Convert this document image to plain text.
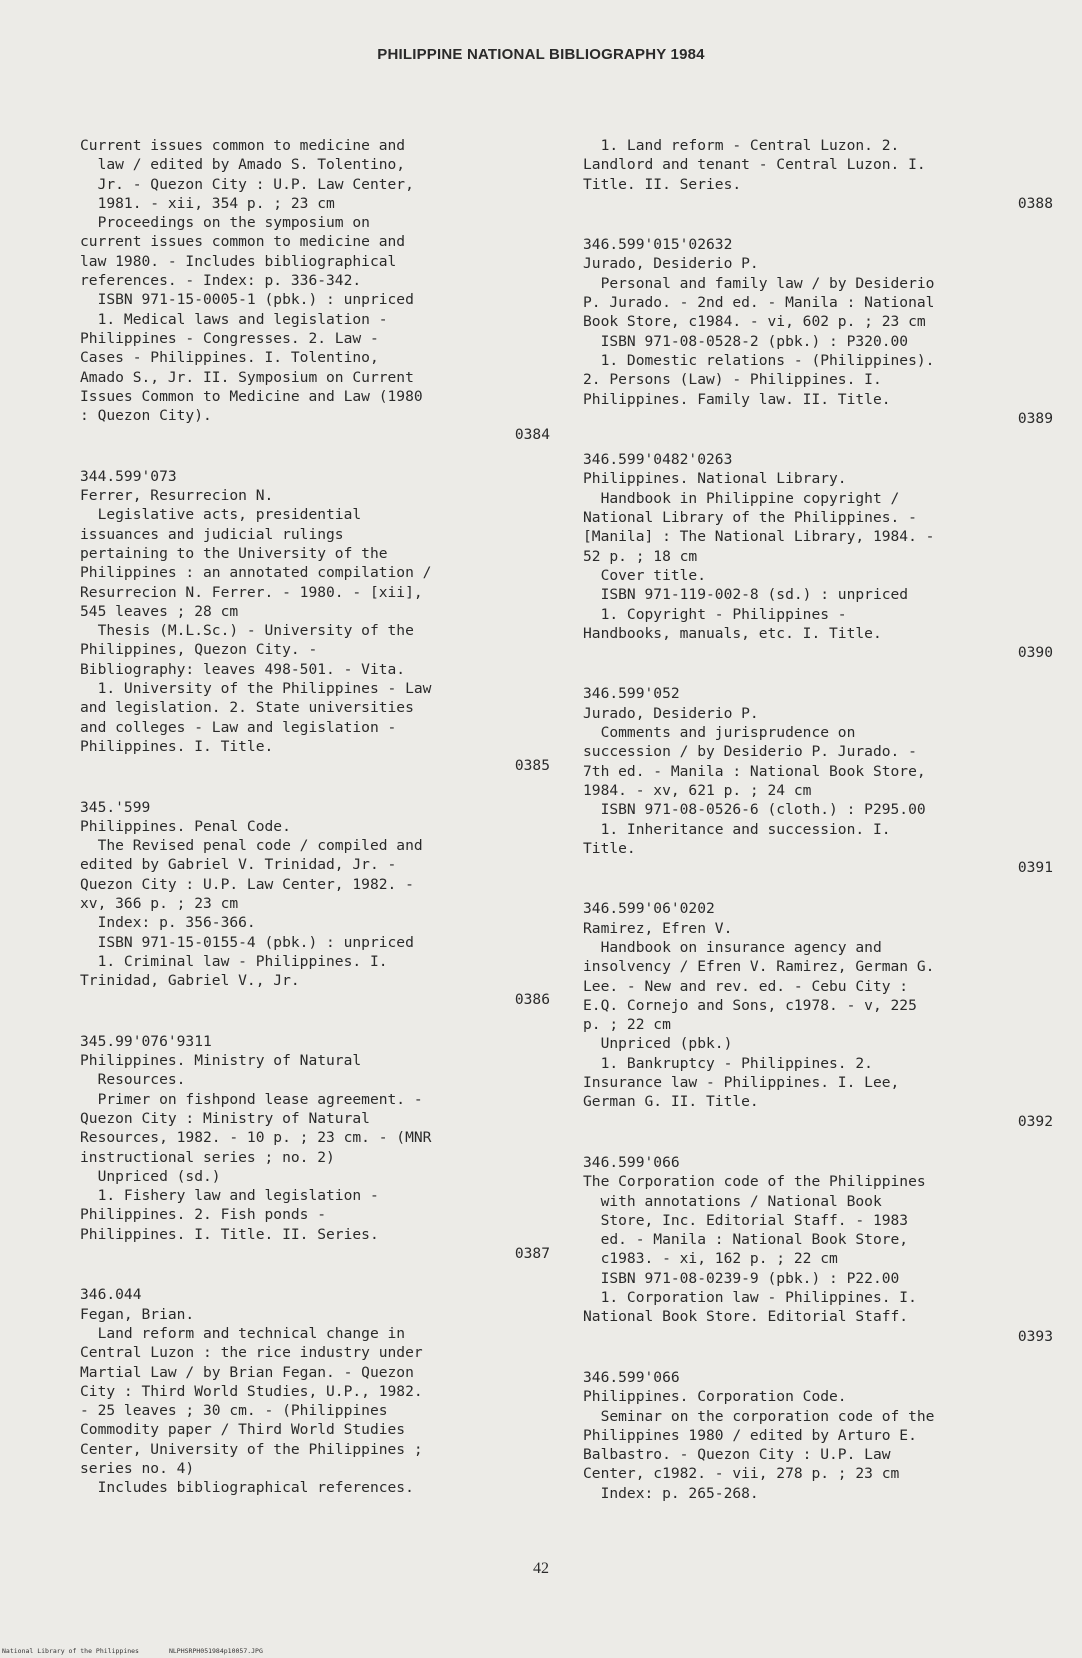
PHILIPPINE NATIONAL BIBLIOGRAPHY 1984
Current issues common to medicine and
law / edited by Amado S. Tolentino,
Jr. - Quezon City : U.P. Law Center,
1981. - xii, 354 p. ; 23 cm
Proceedings on the symposium on
current issues common to medicine and
law 1980. - Includes bibliographical
references. - Index: p. 336-342.
ISBN 971-15-0005-1 (pbk.) : unpriced
1. Medical laws and legislation -
Philippines - Congresses. 2. Law -
Cases - Philippines. I. Tolentino,
Amado S., Jr. II. Symposium on Current
Issues Common to Medicine and Law (1980
: Quezon City).
0384
344.599'073
Ferrer, Resurrecion N.
Legislative acts, presidential
issuances and judicial rulings
pertaining to the University of the
Philippines : an annotated compilation /
Resurrecion N. Ferrer. - 1980. - [xii],
545 leaves ; 28 cm
Thesis (M.L.Sc.) - University of the
Philippines, Quezon City. -
Bibliography: leaves 498-501. - Vita.
1. University of the Philippines - Law
and legislation. 2. State universities
and colleges - Law and legislation -
Philippines. I. Title.
0385
345.'599
Philippines. Penal Code.
The Revised penal code / compiled and
edited by Gabriel V. Trinidad, Jr. -
Quezon City : U.P. Law Center, 1982. -
xv, 366 p. ; 23 cm
Index: p. 356-366.
ISBN 971-15-0155-4 (pbk.) : unpriced
1. Criminal law - Philippines. I.
Trinidad, Gabriel V., Jr.
0386
345.99'076'9311
Philippines. Ministry of Natural
Resources.
Primer on fishpond lease agreement. -
Quezon City : Ministry of Natural
Resources, 1982. - 10 p. ; 23 cm. - (MNR
instructional series ; no. 2)
Unpriced (sd.)
1. Fishery law and legislation -
Philippines. 2. Fish ponds -
Philippines. I. Title. II. Series.
0387
346.044
Fegan, Brian.
Land reform and technical change in
Central Luzon : the rice industry under
Martial Law / by Brian Fegan. - Quezon
City : Third World Studies, U.P., 1982.
- 25 leaves ; 30 cm. - (Philippines
Commodity paper / Third World Studies
Center, University of the Philippines ;
series no. 4)
Includes bibliographical references.
1. Land reform - Central Luzon. 2.
Landlord and tenant - Central Luzon. I.
Title. II. Series.
0388
346.599'015'02632
Jurado, Desiderio P.
Personal and family law / by Desiderio
P. Jurado. - 2nd ed. - Manila : National
Book Store, c1984. - vi, 602 p. ; 23 cm
ISBN 971-08-0528-2 (pbk.) : P320.00
1. Domestic relations - (Philippines).
2. Persons (Law) - Philippines. I.
Philippines. Family law. II. Title.
0389
346.599'0482'0263
Philippines. National Library.
Handbook in Philippine copyright /
National Library of the Philippines. -
[Manila] : The National Library, 1984. -
52 p. ; 18 cm
Cover title.
ISBN 971-119-002-8 (sd.) : unpriced
1. Copyright - Philippines -
Handbooks, manuals, etc. I. Title.
0390
346.599'052
Jurado, Desiderio P.
Comments and jurisprudence on
succession / by Desiderio P. Jurado. -
7th ed. - Manila : National Book Store,
1984. - xv, 621 p. ; 24 cm
ISBN 971-08-0526-6 (cloth.) : P295.00
1. Inheritance and succession. I.
Title.
0391
346.599'06'0202
Ramirez, Efren V.
Handbook on insurance agency and
insolvency / Efren V. Ramirez, German G.
Lee. - New and rev. ed. - Cebu City :
E.Q. Cornejo and Sons, c1978. - v, 225
p. ; 22 cm
Unpriced (pbk.)
1. Bankruptcy - Philippines. 2.
Insurance law - Philippines. I. Lee,
German G. II. Title.
0392
346.599'066
The Corporation code of the Philippines
with annotations / National Book
Store, Inc. Editorial Staff. - 1983
ed. - Manila : National Book Store,
c1983. - xi, 162 p. ; 22 cm
ISBN 971-08-0239-9 (pbk.) : P22.00
1. Corporation law - Philippines. I.
National Book Store. Editorial Staff.
0393
346.599'066
Philippines. Corporation Code.
Seminar on the corporation code of the
Philippines 1980 / edited by Arturo E.
Balbastro. - Quezon City : U.P. Law
Center, c1982. - vii, 278 p. ; 23 cm
Index: p. 265-268.
42
National Library of the Philippines	NLPHSRPH051984p10057.JPG
